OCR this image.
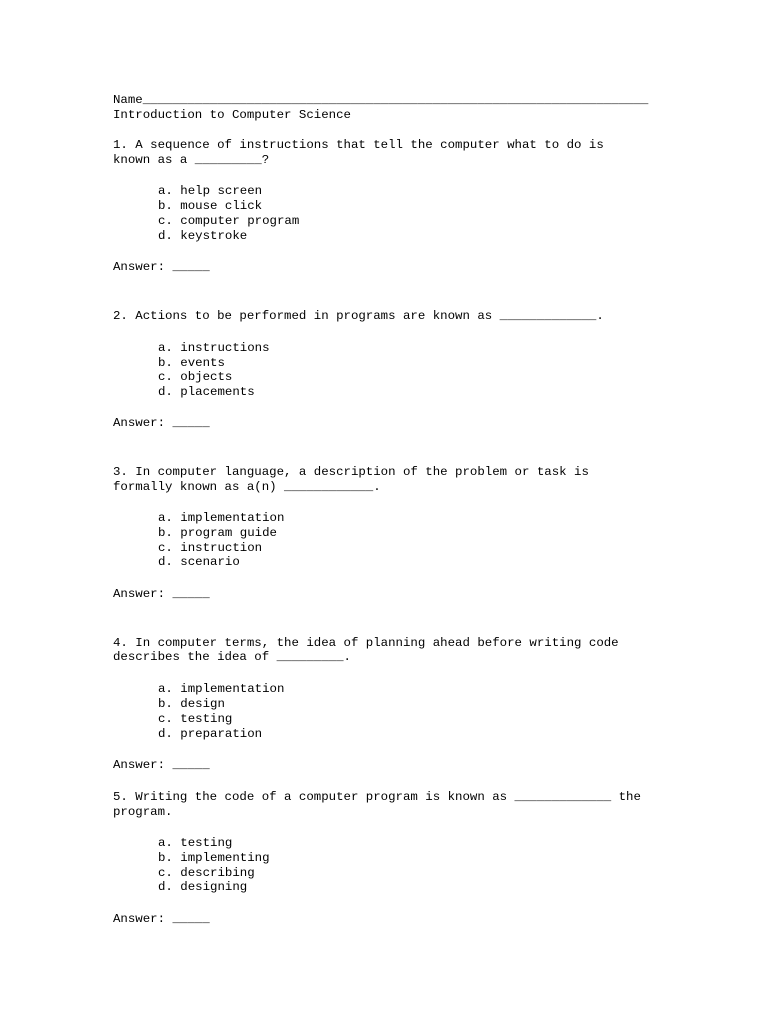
Name____________________________________________________________________
Introduction to Computer Science
1. A sequence of instructions that tell the computer what to do is
known as a _________?
a. help screen
b. mouse click
c. computer program
d. keystroke
Answer: _____
2. Actions to be performed in programs are known as _____________.
a. instructions
b. events
c. objects
d. placements
Answer: _____
3. In computer language, a description of the problem or task is
formally known as a(n) ____________.
a. implementation
b. program guide
c. instruction
d. scenario
Answer: _____
4. In computer terms, the idea of planning ahead before writing code
describes the idea of _________.
a. implementation
b. design
c. testing
d. preparation
Answer: _____
5. Writing the code of a computer program is known as _____________ the
program.
a. testing
b. implementing
c. describing
d. designing
Answer: _____
